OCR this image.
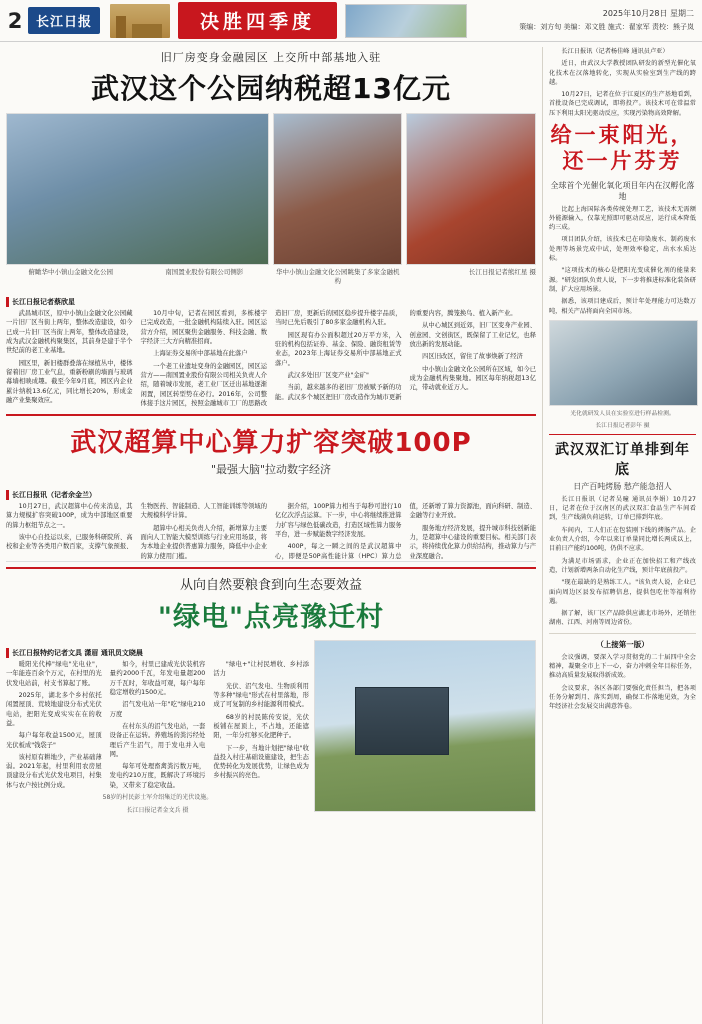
2	长江日报	决胜四季度	2025年10月28日 星期二
策编：刘方旬 美编：邓文胜 施式：翟家军 责校：熊子岚
旧厂房变身金融园区 上交所中部基地入驻
武汉这个公园纳税超13亿元
俯瞰华中小镇山金融文化公园	南国置业股份有限公司侧影	华中小镇山金融文化公园眺集了多家金融机构
长江日报记者熊红星 摄
长江日报记者蔡欣星

武昌城市区，原中小镇山金融文化公园藏一片旧厂区当街上两年，整体改造建设，如今已成一片旧厂区当街上两年，整体改造建设，成为武汉金融机构聚集区，其前身是建于半个世纪前的老工业基地。

园区里，新旧楼群叠落在绿植丛中，楼体留着旧厂房工业气息，重新粉刷的墙面与玻璃幕墙相映成趣。截至今年9月底，园区内企业累计纳税13.6亿元，同比增长20%，形成金融产业集聚效应。

10月中旬，记者在园区看到，多栋楼宇已完成改造，一批金融机构陆续入驻。园区运营方介绍，园区聚焦金融服务、科技金融、数字经济三大方向精准招商。

上海证券交易所中部基地在此落户

一个老工业遗址变身的金融园区，园区运营方——南国置业股份有限公司相关负责人介绍，随着城市发展，老工业厂区迁出基地逐渐闲置，园区转型势在必行。2016年，公司整体接手这片园区，按照金融城市工厂的思路改造旧厂房，更新后的园区稳步提升楼宇品质，当时已先后吸引了80多家金融机构入驻。

园区现有办公面积超过20万平方米，入驻的机构包括证券、基金、保险、融资租赁等业态，2023年上海证券交易所中部基地正式落户。

武汉多处旧厂区变产业"金矿"

当前，越来越多的老旧厂房被赋予新的功能。武汉多个城区把旧厂房改造作为城市更新的重要内容，腾笼换鸟、植入新产业。

从中心城区到近郊，旧厂区变身产业园、创意园、文创街区，既保留了工业记忆，也释放出新的发展动能。

四区旧改区，留住了故事焕新了经济

中小镇山金融文化公园所在区域，如今已成为金融机构集聚地。园区每年纳税超13亿元，带动就业近万人。

武汉超算中心算力扩容突破100P
"最强大脑"拉动数字经济
长江日报讯（记者余金兰）

10月27日，武汉超算中心传来消息，其算力规模扩容突破100P，成为中部地区重要的算力枢纽节点之一。

该中心自投运以来，已服务科研院所、高校和企业等各类用户数百家，支撑气象预报、生物医药、智能制造、人工智能训练等领域的大规模科学计算。

超算中心相关负责人介绍，新增算力主要面向人工智能大模型训练与行业应用场景，将为本地企业提供普惠算力服务，降低中小企业的算力使用门槛。

据介绍，100P算力相当于每秒可进行10亿亿次浮点运算。下一步，中心将继续推进算力扩容与绿色低碳改造，打造区域性算力服务平台，进一步赋能数字经济发展。

400P，每之一瞬之间的是武汉超算中心，即便是50P高性能计算（HPC）算力总值，还新增了算力资源池，面向科研、制造、金融等行业开放。

服务地方经济发展，提升城市科技创新能力，是超算中心建设的重要目标。相关部门表示，将持续优化算力供给结构，推动算力与产业深度融合。

从向自然要粮食到向生态要效益
"绿电"点亮豫迁村
长江日报特约记者文具 潇眉 通讯员文晓晨

暖阳光代棒"绿电"光电业"，一年能连百余个万元，在村里的光伏发电站前，村支书算起了账。

2025年，湖北多个乡村依托闲置屋顶、荒坡地建设分布式光伏电站，把阳光变成实实在在的收益。

每户每年收益1500元，屋顶光伏板成"钱袋子"

该村原有耕地少，产业基础薄弱。2021年起，村里利用农房屋顶建设分布式光伏发电项目，村集体与农户按比例分成。

如今，村里已建成光伏装机容量约2000千瓦，年发电量超200万千瓦时，年收益可观，每户每年稳定增收约1500元。

沼气发电站一年"吃"绿电210万度

在村东头的沼气发电站，一套设备正在运转。养殖场的粪污经处理后产生沼气，用于发电并入电网。

每年可处理畜禽粪污数万吨，发电约210万度，既解决了环境污染，又带来了稳定收益。

"绿电+"让村民增收、乡村添活力

光伏、沼气发电、生物质利用等多种"绿电"形式在村里落地，形成了可复制的乡村能源利用模式。

68岁的村民陈传安说，光伏板铺在屋顶上，不占地，还能遮阳，一年分红够买化肥种子。

下一步，当地计划把"绿电"收益投入村庄基础设施建设，把生态优势转化为发展优势，让绿色成为乡村振兴的亮色。

58岁的村民彭士军介绍集迁的光伏设施。
长江日报记者金文兵 摄

长江日报讯（记者杨佳峰 通讯员卢亚）

近日，由武汉大学教授团队研发的新型光催化氧化技术在汉落地转化，实现从实验室到生产线的跨越。

10月27日，记者在位于江夏区的生产基地看到，首批设备已完成调试，即将投产。该技术可在常温常压下利用太阳光驱动反应，实现污染物高效降解。

给一束阳光，还一片芬芳
全球首个光催化氧化项目年内在汉孵化落地

比起上海国际各类传统处理工艺，该技术无需额外能源输入，仅靠光照即可驱动反应，运行成本降低约三成。

项目团队介绍，该技术已在印染废水、制药废水处理等场景完成中试，处理效率稳定，出水水质达标。

"这项技术的核心是把阳光变成催化剂的能量来源。"研发团队负责人说，下一步将推进标准化装备研制，扩大应用场景。

据悉，该项目建成后，预计年处理能力可达数万吨，相关产品将面向全国市场。

光化就研发人员在实验室进行样品检测。
长江日报记者彭年 摄
武汉双汇订单排到年底
日产百吨烤肠 愁产能急招人

长江日报讯（记者吴曈 通讯员李娟）10月27日，记者在位于汉南区的武汉双汇食品生产车间看到，生产线满负荷运转，订单已排到年底。

车间内，工人们正在包装刚下线的烤肠产品。企业负责人介绍，今年以来订单量同比增长两成以上，目前日产能约100吨，仍供不应求。

为满足市场需求，企业正在加快招工和产线改造，计划新增两条自动化生产线，预计年底前投产。

"现在最缺的是熟练工人。"该负责人说，企业已面向周边区县发布招聘信息，提供包吃住等福利待遇。

据了解，该厂区产品除供应湖北市场外，还销往湖南、江西、河南等周边省份。

（上接第一版）

会议强调，要深入学习贯彻党的二十届四中全会精神，凝聚全市上下一心，奋力冲刺全年目标任务，推动高质量发展取得新成效。

会议要求，各区各部门要强化责任担当，把各项任务分解到月、落实到周，确保工作落地见效，为全年经济社会发展交出满意答卷。
